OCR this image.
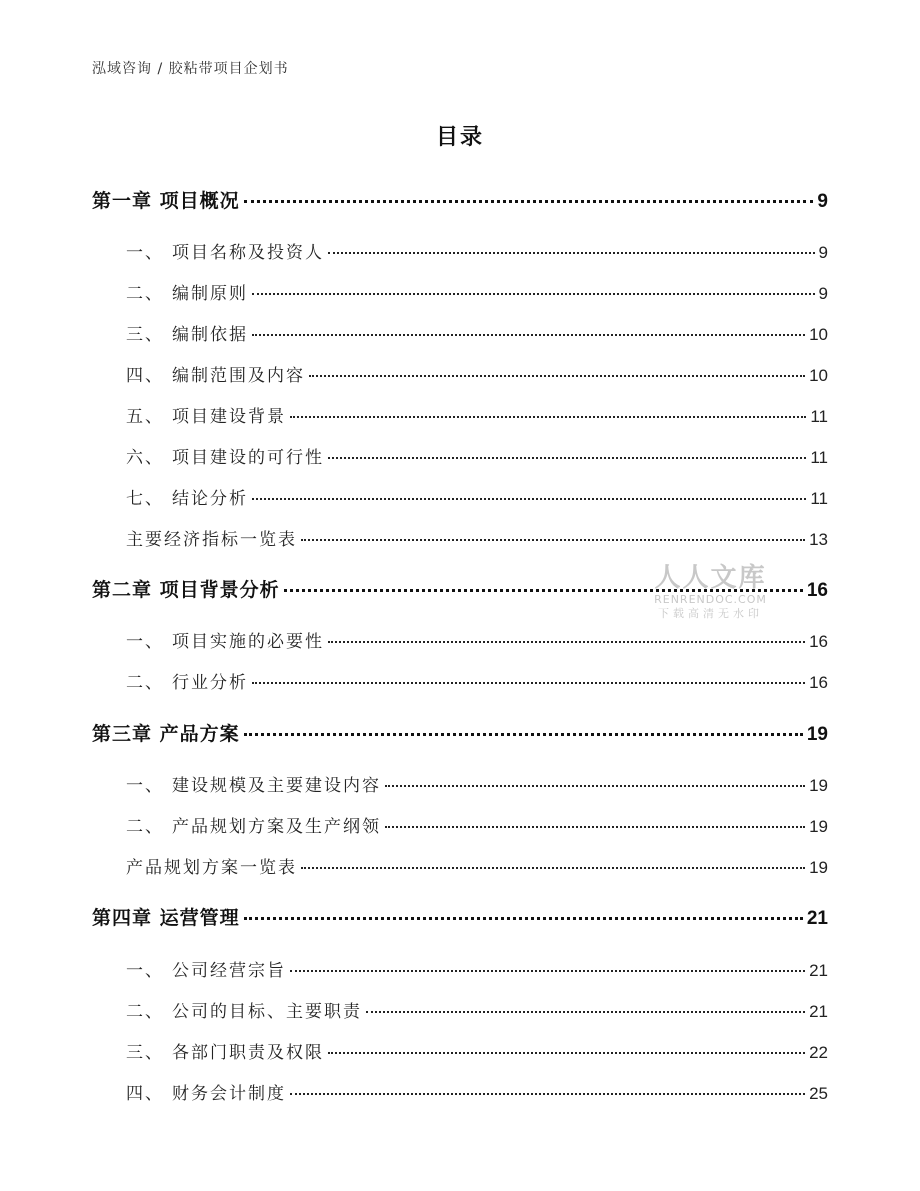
泓域咨询 / 胶粘带项目企划书
目录
第一章 项目概况	9
一、 项目名称及投资人	9
二、 编制原则	9
三、 编制依据	10
四、 编制范围及内容	10
五、 项目建设背景	11
六、 项目建设的可行性	11
七、 结论分析	11
主要经济指标一览表	13
第二章 项目背景分析	16
一、 项目实施的必要性	16
二、 行业分析	16
第三章 产品方案	19
一、 建设规模及主要建设内容	19
二、 产品规划方案及生产纲领	19
产品规划方案一览表	19
第四章 运营管理	21
一、 公司经营宗旨	21
二、 公司的目标、主要职责	21
三、 各部门职责及权限	22
四、 财务会计制度	25
人人文库
RENRENDOC.COM
下载高清无水印
